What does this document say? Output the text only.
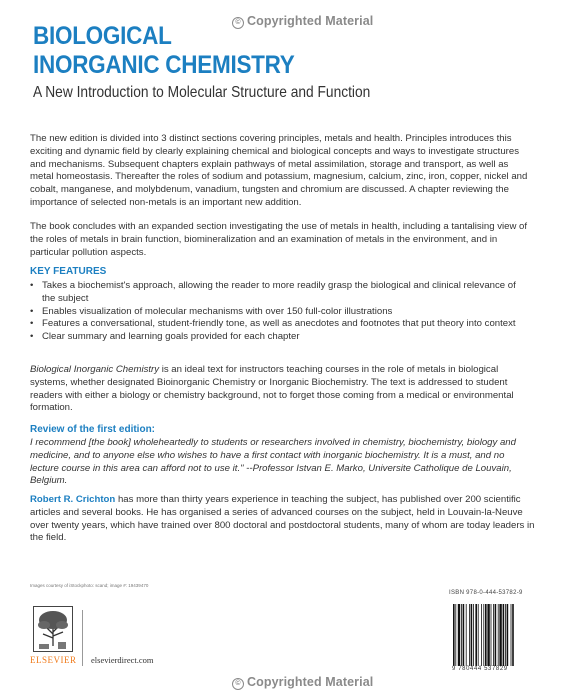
© Copyrighted Material
BIOLOGICAL
INORGANIC CHEMISTRY
A New Introduction to Molecular Structure and Function
The new edition is divided into 3 distinct sections covering principles, metals and health. Principles introduces this exciting and dynamic field by clearly explaining chemical and biological concepts and ways to investigate structures and mechanisms. Subsequent chapters explain pathways of metal assimilation, storage and transport, as well as metal homeostasis. Thereafter the roles of sodium and potassium, magnesium, calcium, zinc, iron, copper, nickel and cobalt, manganese, and molybdenum, vanadium, tungsten and chromium are discussed. A chapter reviewing the importance of selected non-metals is an important new addition.
The book concludes with an expanded section investigating the use of metals in health, including a tantalising view of the roles of metals in brain function, biomineralization and an examination of metals in the environment, and in particular pollution aspects.
KEY FEATURES
• Takes a biochemist's approach, allowing the reader to more readily grasp the biological and clinical relevance of the subject
• Enables visualization of molecular mechanisms with over 150 full-color illustrations
• Features a conversational, student-friendly tone, as well as anecdotes and footnotes that put theory into context
• Clear summary and learning goals provided for each chapter
Biological Inorganic Chemistry is an ideal text for instructors teaching courses in the role of metals in biological systems, whether designated Bioinorganic Chemistry or Inorganic Biochemistry. The text is addressed to student readers with either a biology or chemistry background, not to forget those coming from a medical or environmental formation.
Review of the first edition:
I recommend [the book] wholeheartedly to students or researchers involved in chemistry, biochemistry, biology and medicine, and to anyone else who wishes to have a first contact with inorganic biochemistry. It is a must, and no lecture course in this area can afford not to use it." --Professor Istvan E. Marko, Universite Catholique de Louvain, Belgium.
Robert R. Crichton has more than thirty years experience in teaching the subject, has published over 200 scientific articles and several books. He has organised a series of advanced courses on the subject, held in Louvain-la-Neuve over twenty years, which have trained over 800 doctoral and postdoctoral students, many of whom are today leaders in the field.
Images courtesy of iStockphoto: scand; image #: 19439470
ELSEVIER elsevierdirect.com
ISBN 978-0-444-53782-9
9 780444 537829
© Copyrighted Material
